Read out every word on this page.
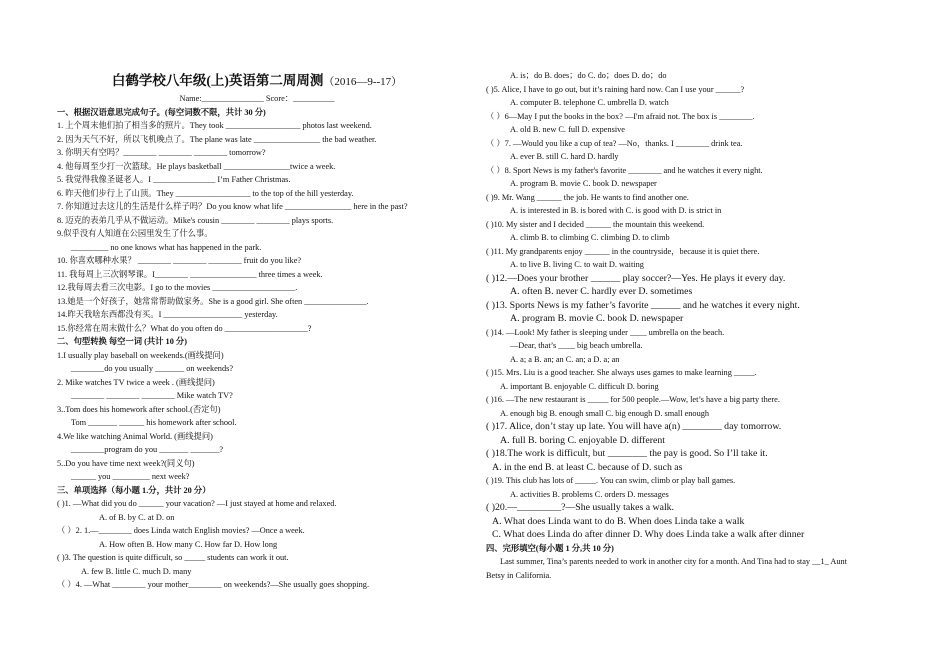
白鹤学校八年级(上)英语第二周周测（2016—9--17）
Name:_______________ Score：__________
一、根据汉语意思完成句子。(每空词数不限，共计 30 分)
1. 上个周末他们拍了相当多的照片。They took __________________ photos last weekend.
2. 因为天气不好，所以飞机晚点了。The plane was late ________________ the bad weather.
3. 你明天有空吗？________ ________ ________ tomorrow?
4. 他每周至少打一次篮球。He plays basketball ________________twice a week.
5. 我觉得我像圣诞老人。I _______________ I’m Father Christmas.
6. 昨天他们步行上了山顶。They __________________ to the top of the hill yesterday.
7. 你知道过去这儿的生活是什么样子吗？Do you know what life ________________ here in the past?
8. 迈克的表弟几乎从不做运动。Mike's cousin ________ ________ plays sports.
9.似乎没有人知道在公园里发生了什么事。
_________ no one knows what has happened in the park.
10. 你喜欢哪种水果？ ________ ________ ________ fruit do you like?
11. 我每周上三次钢琴课。I________ ________________ three times a week.
12.我每周去看三次电影。I go to the movies ____________________.
13.她是一个好孩子，她常常帮助做家务。She is a good girl. She often _______________.
14.昨天我啥东西都没有买。I ___________________ yesterday.
15.你经常在周末做什么？What do you often do ____________________?
二、句型转换 每空一词 (共计 10 分)
1.I usually play baseball on weekends.(画线提问)
________do you usually _______ on weekends?
2. Mike watches TV twice a week . (画线提问)
________ ________ ________ Mike watch TV?
3..Tom does his homework after school.(否定句)
Tom _______ ______ his homework after school.
4.We like watching Animal World. (画线提问)
________program do you _______ _______?
5..Do you have time next week?(同义句)
______ you _________ next week?
三、单项选择（每小题 1.分，共计 20 分）
( )1. —What did you do ______ your vacation? —I just stayed at home and relaxed.
A. of B. by C. at D. on
（ ）2. 1.—________ does Linda watch English movies? —Once a week.
A. How often B. How many C. How far D. How long
( )3. The question is quite difficult, so _____ students can work it out.
A. few B. little C. much D. many
（ ）4. —What ________ your mother________ on weekends?—She usually goes shopping.
A. is；do B. does；do C. do；does D. do；do
( )5. Alice, I have to go out, but it’s raining hard now. Can I use your ______?
A. computer B. telephone C. umbrella D. watch
（ ）6—May I put the books in the box? —I'm afraid not. The box is ________.
A. old B. new C. full D. expensive
（ ）7. —Would you like a cup of tea? —No，thanks. I ________ drink tea.
A. ever B. still C. hard D. hardly
（ ）8. Sport News is my father's favorite ________ and he watches it every night.
A. program B. movie C. book D. newspaper
( )9. Mr. Wang ______ the job. He wants to find another one.
A. is interested in B. is bored with C. is good with D. is strict in
( )10. My sister and I decided ______ the mountain this weekend.
A. climb B. to climbing C. climbing D. to climb
( )11. My grandparents enjoy ______ in the countryside，because it is quiet there.
A. to live B. living C. to wait D. waiting
( )12.—Does your brother ______ play soccer?—Yes. He plays it every day.
A. often B. never C. hardly ever D. sometimes
( )13. Sports News is my father’s favorite ______ and he watches it every night.
A. program B. movie C. book D. newspaper
( )14. —Look! My father is sleeping under ____ umbrella on the beach.
—Dear, that’s ____ big beach umbrella.
A. a; a B. an; an C. an; a D. a; an
( )15. Mrs. Liu is a good teacher. She always uses games to make learning _____.
A. important B. enjoyable C. difficult D. boring
( )16. —The new restaurant is _____ for 500 people.—Wow, let’s have a big party there.
A. enough big B. enough small C. big enough D. small enough
( )17. Alice, don’t stay up late. You will have a(n) ________ day tomorrow.
A. full B. boring C. enjoyable D. different
( )18.The work is difficult, but ________ the pay is good. So I’ll take it.
A. in the end B. at least C. because of D. such as
( )19. This club has lots of _____. You can swim, climb or play ball games.
A. activities B. problems C. orders D. messages
( )20.—_________?—She usually takes a walk.
A. What does Linda want to do B. When does Linda take a walk
C. What does Linda do after dinner D. Why does Linda take a walk after dinner
四、完形填空(每小题 1 分,共 10 分)
Last summer, Tina’s parents needed to work in another city for a month. And Tina had to stay __1_ Aunt
Betsy in California.
